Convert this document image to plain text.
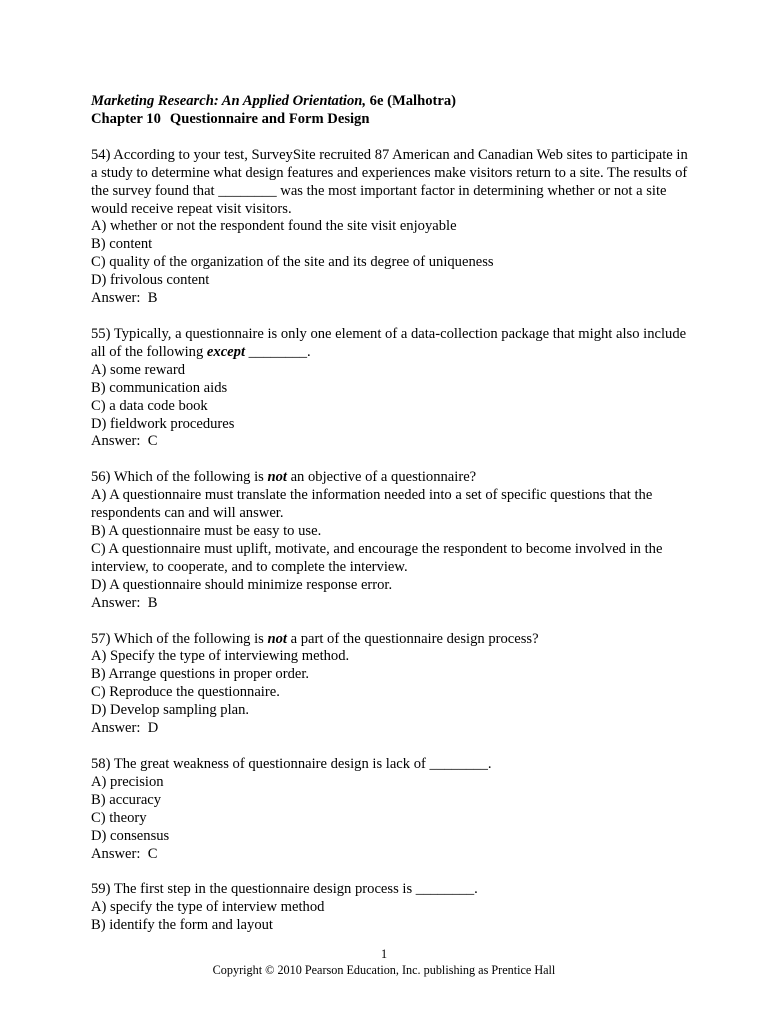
Marketing Research: An Applied Orientation, 6e (Malhotra)
Chapter 10 Questionnaire and Form Design

54) According to your test, SurveySite recruited 87 American and Canadian Web sites to participate in a study to determine what design features and experiences make visitors return to a site. The results of the survey found that ________ was the most important factor in determining whether or not a site would receive repeat visit visitors.

A) whether or not the respondent found the site visit enjoyable
B) content
C) quality of the organization of the site and its degree of uniqueness
D) frivolous content
Answer:  B

55) Typically, a questionnaire is only one element of a data-collection package that might also include all of the following except ________.

A) some reward
B) communication aids
C) a data code book
D) fieldwork procedures
Answer:  C

56) Which of the following is not an objective of a questionnaire?

A) A questionnaire must translate the information needed into a set of specific questions that the respondents can and will answer.
B) A questionnaire must be easy to use.
C) A questionnaire must uplift, motivate, and encourage the respondent to become involved in the interview, to cooperate, and to complete the interview.
D) A questionnaire should minimize response error.
Answer:  B

57) Which of the following is not a part of the questionnaire design process?

A) Specify the type of interviewing method.
B) Arrange questions in proper order.
C) Reproduce the questionnaire.
D) Develop sampling plan.
Answer:  D

58) The great weakness of questionnaire design is lack of ________.

A) precision
B) accuracy
C) theory
D) consensus
Answer:  C

59) The first step in the questionnaire design process is ________.

A) specify the type of interview method
B) identify the form and layout
1
Copyright © 2010 Pearson Education, Inc. publishing as Prentice Hall
